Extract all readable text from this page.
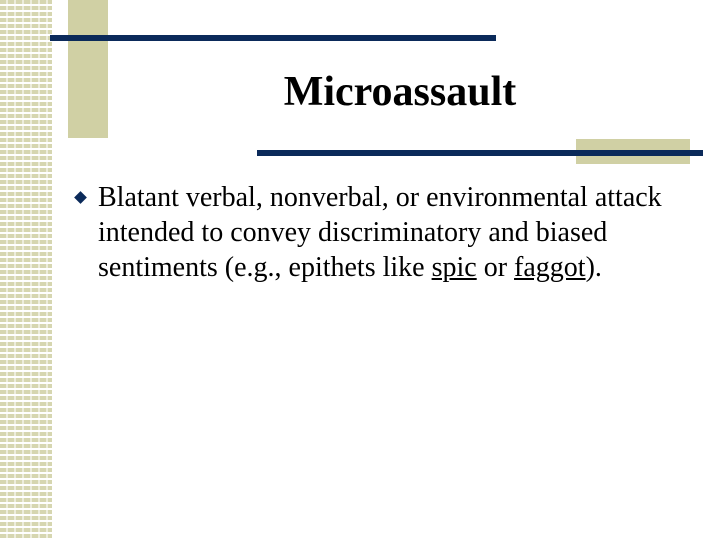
Microassault
Blatant verbal, nonverbal, or environmental attack intended to convey discriminatory and biased sentiments (e.g., epithets like spic or faggot).
